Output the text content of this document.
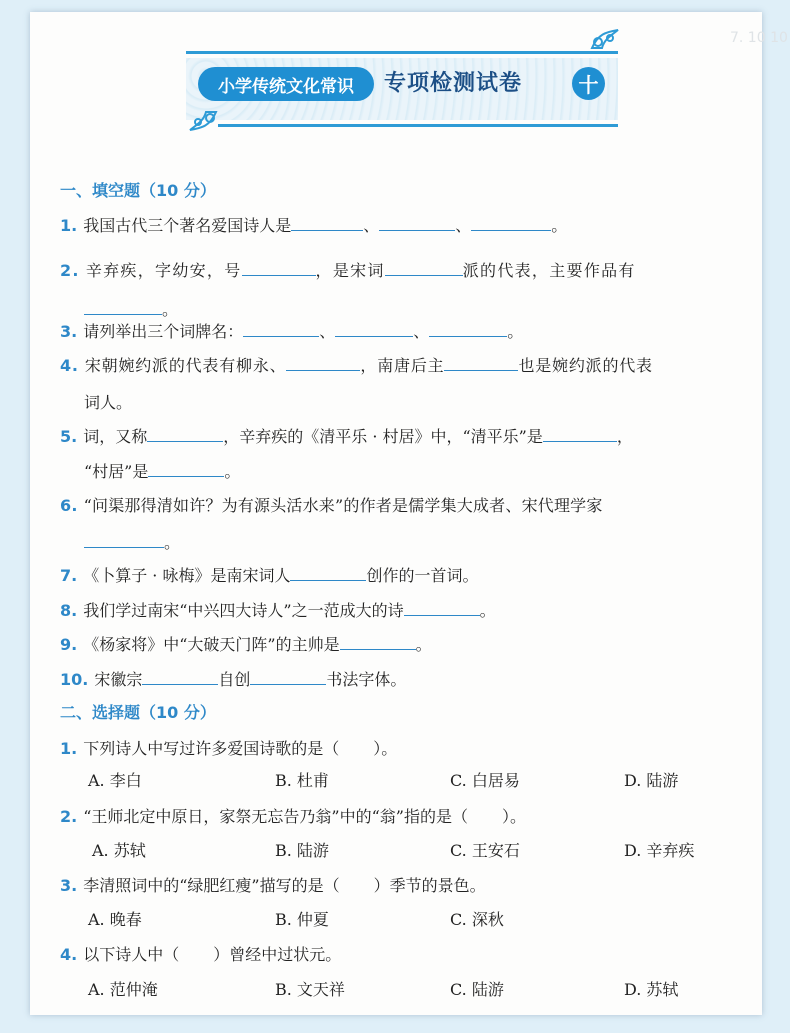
7. 10 10
小学传统文化常识	专项检测试卷	十
一、填空题（10 分）
1. 我国古代三个著名爱国诗人是	、	、	。
2. 辛弃疾，字幼安，号	，是宋词	派的代表，主要作品有
。
3. 请列举出三个词牌名：	、	、	。
4. 宋朝婉约派的代表有柳永、	，南唐后主	也是婉约派的代表
词人。
5. 词，又称	，辛弃疾的《清平乐 · 村居》中，“清平乐”是	，
“村居”是	。
6. “问渠那得清如许？为有源头活水来”的作者是儒学集大成者、宋代理学家
。
7. 《卜算子 · 咏梅》是南宋词人	创作的一首词。
8. 我们学过南宋“中兴四大诗人”之一范成大的诗	。
9. 《杨家将》中“大破天门阵”的主帅是	。
10. 宋徽宗	自创	书法字体。
二、选择题（10 分）
1. 下列诗人中写过许多爱国诗歌的是（ ）。
A. 李白	B. 杜甫	C. 白居易	D. 陆游
2. “王师北定中原日，家祭无忘告乃翁”中的“翁”指的是（ ）。
A. 苏轼	B. 陆游	C. 王安石	D. 辛弃疾
3. 李清照词中的“绿肥红瘦”描写的是（ ）季节的景色。
A. 晚春	B. 仲夏	C. 深秋
4. 以下诗人中（ ）曾经中过状元。
A. 范仲淹	B. 文天祥	C. 陆游	D. 苏轼
